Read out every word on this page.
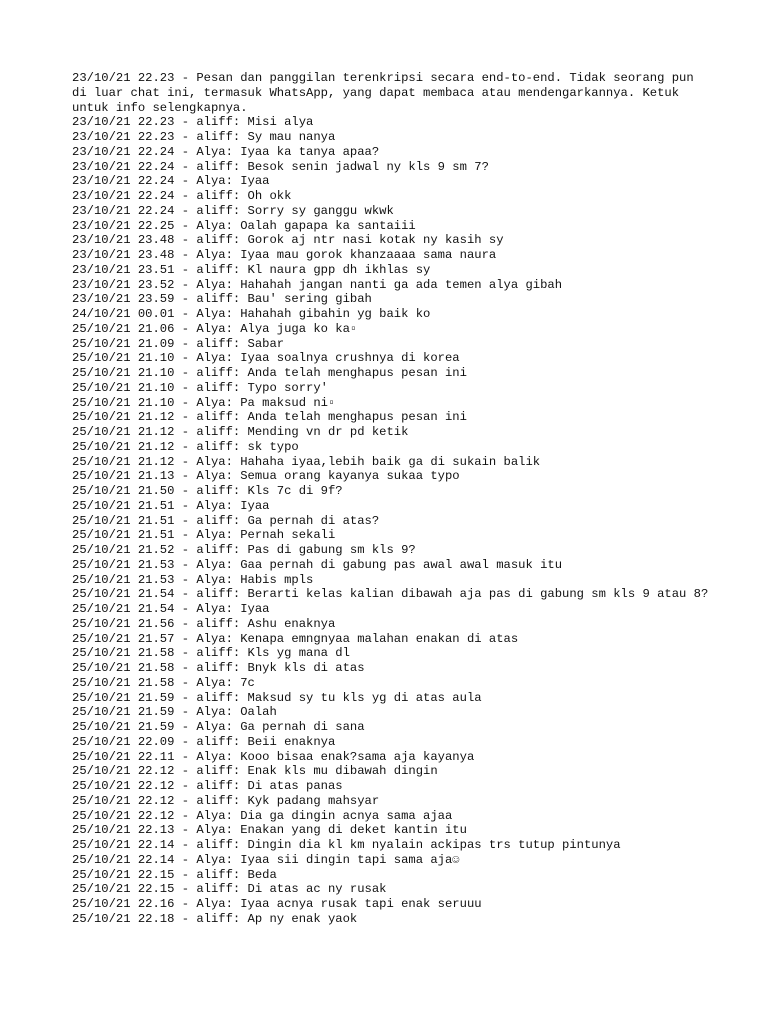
23/10/21 22.23 - Pesan dan panggilan terenkripsi secara end-to-end. Tidak seorang pun di luar chat ini, termasuk WhatsApp, yang dapat membaca atau mendengarkannya. Ketuk untuk info selengkapnya.

23/10/21 22.23 - aliff: Misi alya

23/10/21 22.23 - aliff: Sy mau nanya

23/10/21 22.24 - Alya: Iyaa ka tanya apaa?

23/10/21 22.24 - aliff: Besok senin jadwal ny kls 9 sm 7?

23/10/21 22.24 - Alya: Iyaa

23/10/21 22.24 - aliff: Oh okk

23/10/21 22.24 - aliff: Sorry sy ganggu wkwk

23/10/21 22.25 - Alya: Oalah gapapa ka santaiii

23/10/21 23.48 - aliff: Gorok aj ntr nasi kotak ny kasih sy

23/10/21 23.48 - Alya: Iyaa mau gorok khanzaaaa sama naura

23/10/21 23.51 - aliff: Kl naura gpp dh ikhlas sy

23/10/21 23.52 - Alya: Hahahah jangan nanti ga ada temen alya gibah

23/10/21 23.59 - aliff: Bau' sering gibah

24/10/21 00.01 - Alya: Hahahah gibahin yg baik ko

25/10/21 21.06 - Alya: Alya juga ko ka▫

25/10/21 21.09 - aliff: Sabar

25/10/21 21.10 - Alya: Iyaa soalnya crushnya di korea

25/10/21 21.10 - aliff: Anda telah menghapus pesan ini

25/10/21 21.10 - aliff: Typo sorry'

25/10/21 21.10 - Alya: Pa maksud ni▫

25/10/21 21.12 - aliff: Anda telah menghapus pesan ini

25/10/21 21.12 - aliff: Mending vn dr pd ketik

25/10/21 21.12 - aliff: sk typo

25/10/21 21.12 - Alya: Hahaha iyaa,lebih baik ga di sukain balik

25/10/21 21.13 - Alya: Semua orang kayanya sukaa typo

25/10/21 21.50 - aliff: Kls 7c di 9f?

25/10/21 21.51 - Alya: Iyaa

25/10/21 21.51 - aliff: Ga pernah di atas?

25/10/21 21.51 - Alya: Pernah sekali

25/10/21 21.52 - aliff: Pas di gabung sm kls 9?

25/10/21 21.53 - Alya: Gaa pernah di gabung pas awal awal masuk itu

25/10/21 21.53 - Alya: Habis mpls

25/10/21 21.54 - aliff: Berarti kelas kalian dibawah aja pas di gabung sm kls 9 atau 8?

25/10/21 21.54 - Alya: Iyaa

25/10/21 21.56 - aliff: Ashu enaknya

25/10/21 21.57 - Alya: Kenapa emngnyaa malahan enakan di atas

25/10/21 21.58 - aliff: Kls yg mana dl

25/10/21 21.58 - aliff: Bnyk kls di atas

25/10/21 21.58 - Alya: 7c

25/10/21 21.59 - aliff: Maksud sy tu kls yg di atas aula

25/10/21 21.59 - Alya: Oalah

25/10/21 21.59 - Alya: Ga pernah di sana

25/10/21 22.09 - aliff: Beii enaknya

25/10/21 22.11 - Alya: Kooo bisaa enak?sama aja kayanya

25/10/21 22.12 - aliff: Enak kls mu dibawah dingin

25/10/21 22.12 - aliff: Di atas panas

25/10/21 22.12 - aliff: Kyk padang mahsyar

25/10/21 22.12 - Alya: Dia ga dingin acnya sama ajaa

25/10/21 22.13 - Alya: Enakan yang di deket kantin itu

25/10/21 22.14 - aliff: Dingin dia kl km nyalain ackipas trs tutup pintunya

25/10/21 22.14 - Alya: Iyaa sii dingin tapi sama aja☺

25/10/21 22.15 - aliff: Beda

25/10/21 22.15 - aliff: Di atas ac ny rusak

25/10/21 22.16 - Alya: Iyaa acnya rusak tapi enak seruuu

25/10/21 22.18 - aliff: Ap ny enak yaok
